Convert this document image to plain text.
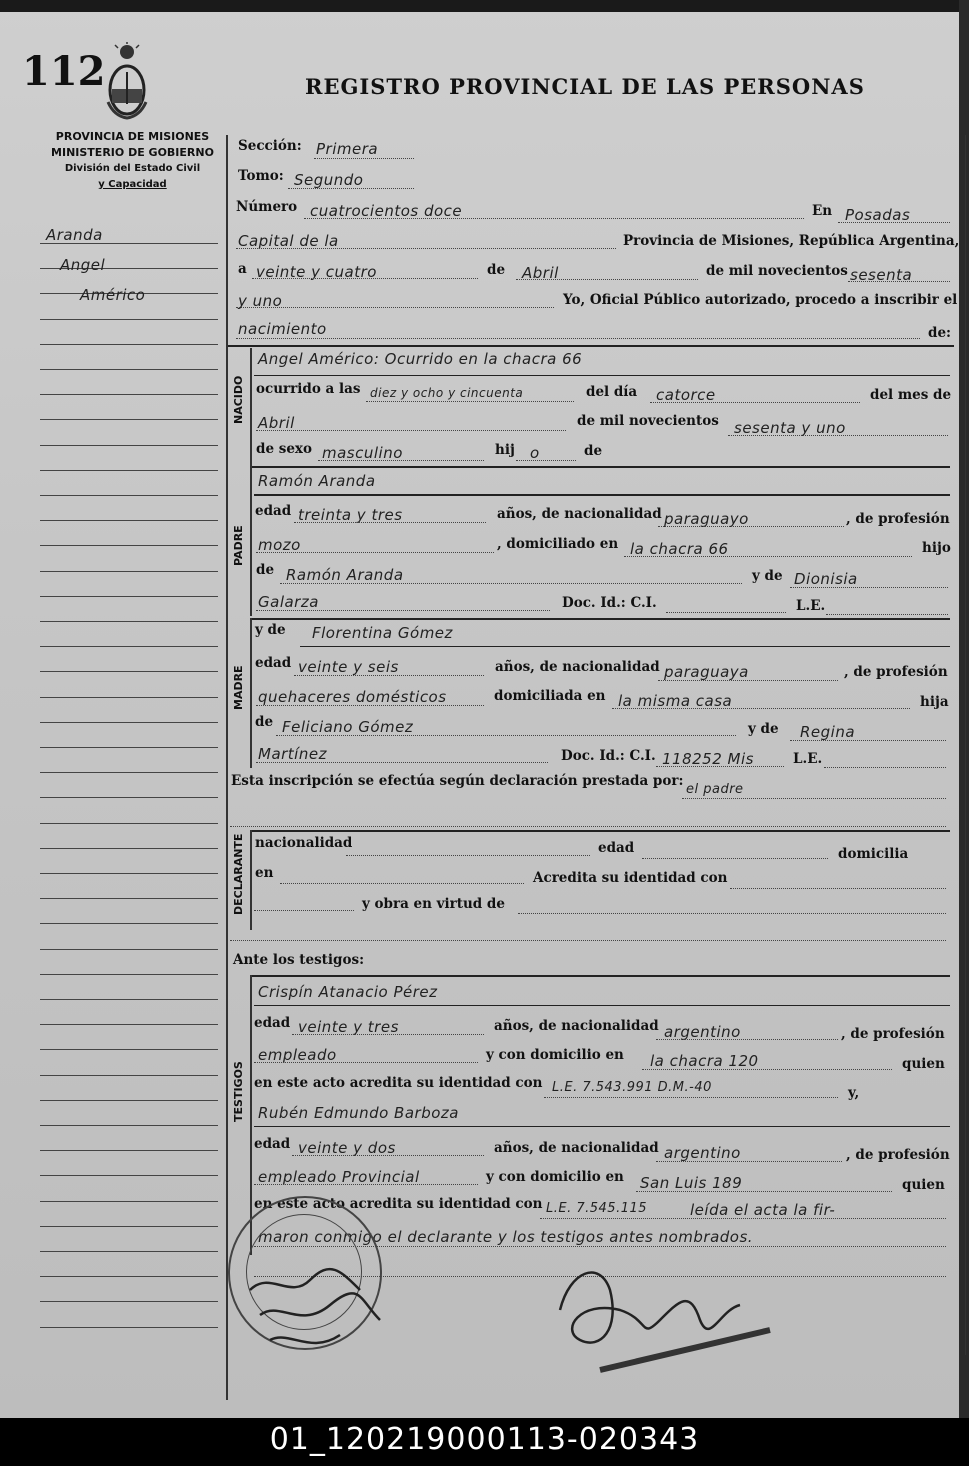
112	REGISTRO PROVINCIAL DE LAS PERSONAS
PROVINCIA DE MISIONES
MINISTERIO DE GOBIERNO
División del Estado Civil
y Capacidad
Aranda
Angel
Américo
Sección: Primera
Tomo: Segundo
Número cuatrocientos doce	En Posadas
Capital de la	Provincia de Misiones, República Argentina,
a veinte y cuatro	de Abril	de mil novecientos sesenta
y uno	Yo, Oficial Público autorizado, procedo a inscribir el
nacimiento	de:
NACIDO
Angel Américo: Ocurrido en la chacra 66
ocurrido a las diez y ocho y cincuenta	del día catorce	del mes de
Abril	de mil novecientos sesenta y uno
de sexo masculino	hij o	de
PADRE
Ramón Aranda
edad treinta y tres	años, de nacionalidad paraguayo	, de profesión
mozo	, domiciliado en la chacra 66	hijo
de Ramón Aranda	y de Dionisia
Galarza	Doc. Id.: C.I.	L.E.
MADRE
y de Florentina Gómez
edad veinte y seis	años, de nacionalidad paraguaya	, de profesión
quehaceres domésticos	domiciliada en la misma casa	hija
de Feliciano Gómez	y de Regina
Martínez	Doc. Id.: C.I. 118252 Mis	L.E.
Esta inscripción se efectúa según declaración prestada por:
el padre
DECLARANTE nacionalidad	edad	domicilia
en	Acredita su identidad con
y obra en virtud de
Ante los testigos:
TESTIGOS
Crispín Atanacio Pérez
edad veinte y tres	años, de nacionalidad argentino	, de profesión
empleado	y con domicilio en la chacra 120	quien
en este acto acredita su identidad con L.E. 7.543.991 D.M.-40	y,
Rubén Edmundo Barboza
edad veinte y dos	años, de nacionalidad argentino	, de profesión
empleado Provincial	y con domicilio en San Luis 189	quien
en este acto acredita su identidad con L.E. 7.545.115	leída el acta la fir-
maron conmigo el declarante y los testigos antes nombrados.
01_120219000113-020343
